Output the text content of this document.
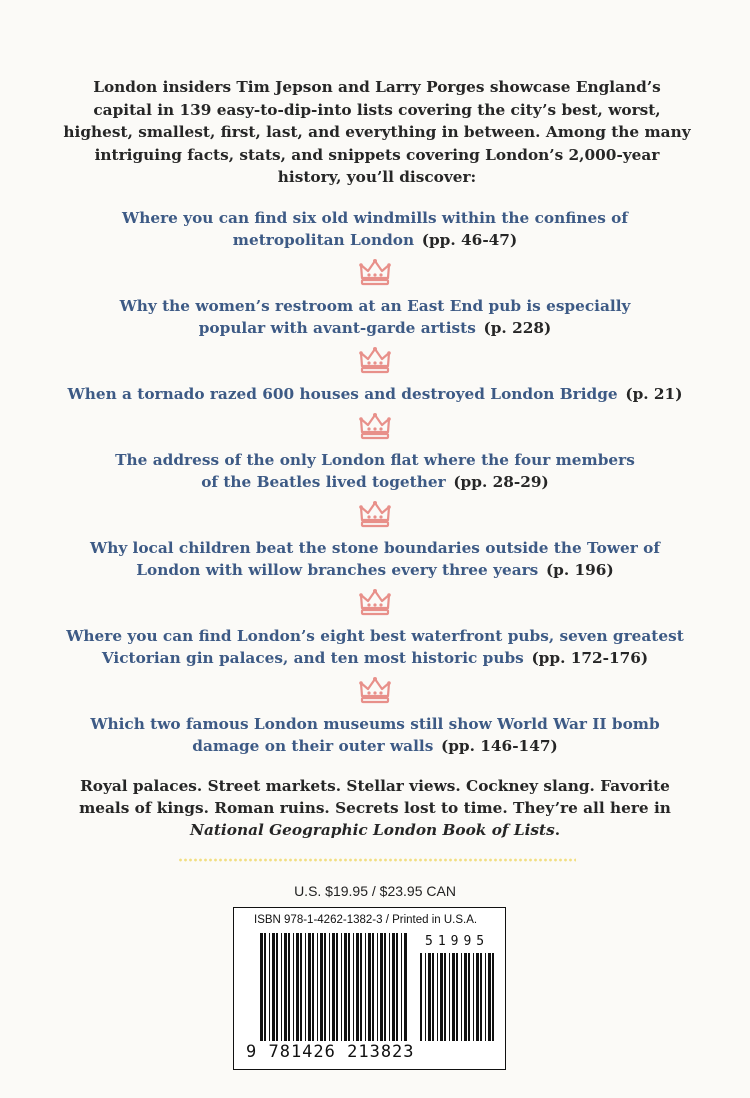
London insiders Tim Jepson and Larry Porges showcase England’s capital in 139 easy-to-dip-into lists covering the city’s best, worst, highest, smallest, first, last, and everything in between. Among the many intriguing facts, stats, and snippets covering London’s 2,000-year history, you’ll discover:

Where you can find six old windmills within the confines of
metropolitan London  (pp. 46-47)

Why the women’s restroom at an East End pub is especially
popular with avant-garde artists  (p. 228)

When a tornado razed 600 houses and destroyed London Bridge  (p. 21)

The address of the only London flat where the four members
of the Beatles lived together  (pp. 28-29)

Why local children beat the stone boundaries outside the Tower of
London with willow branches every three years  (p. 196)

Where you can find London’s eight best waterfront pubs, seven greatest
Victorian gin palaces, and ten most historic pubs  (pp. 172-176)

Which two famous London museums still show World War II bomb
damage on their outer walls  (pp. 146-147)

Royal palaces. Street markets. Stellar views. Cockney slang. Favorite meals of kings. Roman ruins. Secrets lost to time. They’re all here in National Geographic London Book of Lists.

U.S. $19.95 / $23.95 CAN
ISBN 978-1-4262-1382-3 / Printed in U.S.A.
51995
9 781426 213823
